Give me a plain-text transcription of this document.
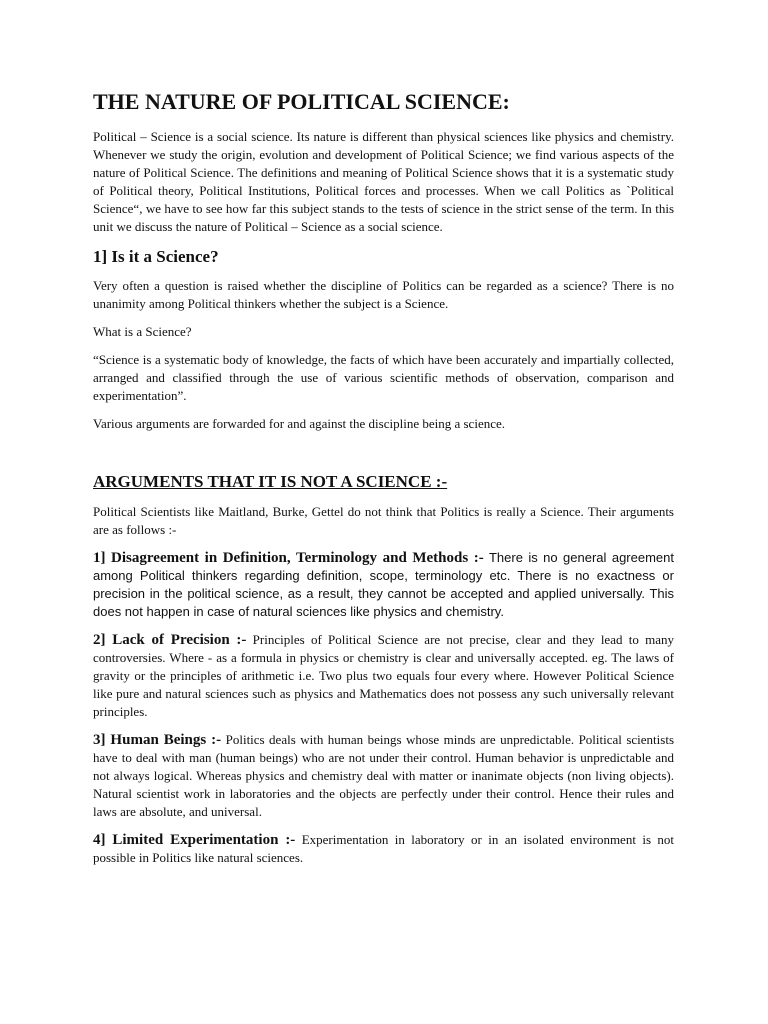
THE NATURE OF POLITICAL SCIENCE:

Political – Science is a social science. Its nature is different than physical sciences like physics and chemistry. Whenever we study the origin, evolution and development of Political Science; we find various aspects of the nature of Political Science. The definitions and meaning of Political Science shows that it is a systematic study of Political theory, Political Institutions, Political forces and processes. When we call Politics as `Political Science“, we have to see how far this subject stands to the tests of science in the strict sense of the term. In this unit we discuss the nature of Political – Science as a social science.

1] Is it a Science?

Very often a question is raised whether the discipline of Politics can be regarded as a science? There is no unanimity among Political thinkers whether the subject is a Science.

What is a Science?

“Science is a systematic body of knowledge, the facts of which have been accurately and impartially collected, arranged and classified through the use of various scientific methods of observation, comparison and experimentation”.

Various arguments are forwarded for and against the discipline being a science.

ARGUMENTS THAT IT IS NOT A SCIENCE :-

Political Scientists like Maitland, Burke, Gettel do not think that Politics is really a Science. Their arguments are as follows :-

1] Disagreement in Definition, Terminology and Methods :- There is no general agreement among Political thinkers regarding definition, scope, terminology etc. There is no exactness or precision in the political science, as a result, they cannot be accepted and applied universally. This does not happen in case of natural sciences like physics and chemistry.

2] Lack of Precision :- Principles of Political Science are not precise, clear and they lead to many controversies. Where - as a formula in physics or chemistry is clear and universally accepted. eg. The laws of gravity or the principles of arithmetic i.e. Two plus two equals four every where. However Political Science like pure and natural sciences such as physics and Mathematics does not possess any such universally relevant principles.

3] Human Beings :- Politics deals with human beings whose minds are unpredictable. Political scientists have to deal with man (human beings) who are not under their control. Human behavior is unpredictable and not always logical. Whereas physics and chemistry deal with matter or inanimate objects (non living objects). Natural scientist work in laboratories and the objects are perfectly under their control. Hence their rules and laws are absolute, and universal.

4] Limited Experimentation :- Experimentation in laboratory or in an isolated environment is not possible in Politics like natural sciences.
